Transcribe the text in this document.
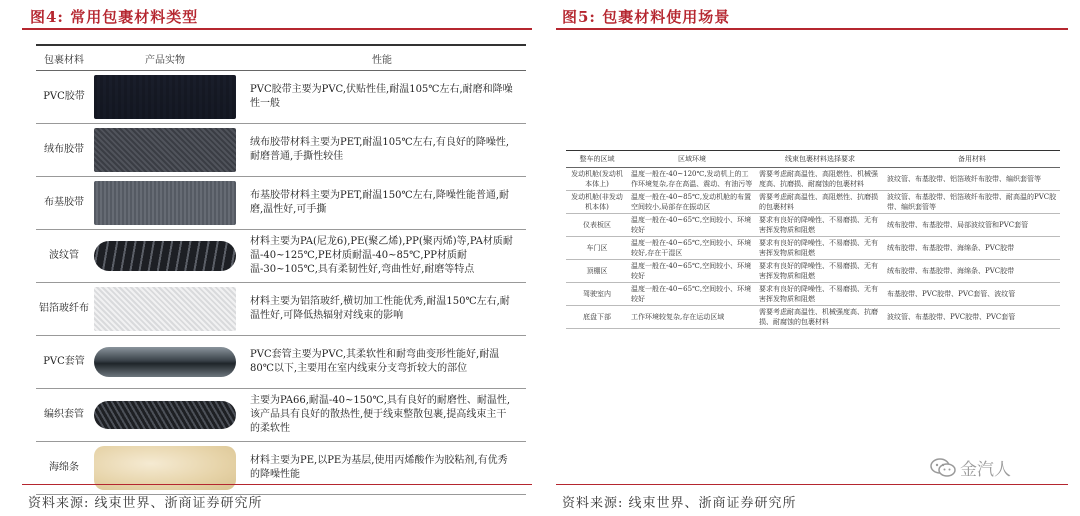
图4: 常用包裹材料类型
包裹材料	产品实物	性能
PVC胶带		PVC胶带主要为PVC,伏贴性佳,耐温105℃左右,耐磨和降噪性一般
绒布胶带		绒布胶带材料主要为PET,耐温105℃左右,有良好的降噪性,耐磨普通,手撕性较佳
布基胶带		布基胶带材料主要为PET,耐温150℃左右,降噪性能普通,耐磨,温性好,可手撕
波纹管		材料主要为PA(尼龙6),PE(聚乙烯),PP(聚丙烯)等,PA材质耐温-40~125℃,PE材质耐温-40~85℃,PP材质耐温-30~105℃,具有柔韧性好,弯曲性好,耐磨等特点
铝箔玻纤布		材料主要为铝箔玻纤,横切加工性能优秀,耐温150℃左右,耐温性好,可降低热辐射对线束的影响
PVC套管		PVC套管主要为PVC,其柔软性和耐弯曲变形性能好,耐温80℃以下,主要用在室内线束分支弯折较大的部位
编织套管		主要为PA66,耐温-40~150℃,具有良好的耐磨性、耐温性,该产品具有良好的散热性,便于线束整散包裹,提高线束主干的柔软性
海绵条		材料主要为PE,以PE为基层,使用丙烯酸作为胶粘剂,有优秀的降噪性能
资料来源: 线束世界、浙商证券研究所
图5: 包裹材料使用场景
整车的区域	区域环境	线束包裹材料选择要求	备用材料
发动机舱(发动机本体上)	温度一般在-40~120℃,发动机上的工作环境复杂,存在高温、震动、有油污等	需要考虑耐高温性、高阻燃性、机械强度高、抗磨损、耐腐蚀的包裹材料	波纹管、布基胶带、铝箔玻纤布胶带、编织套管等
发动机舱(非发动机本体)	温度一般在-40~85℃,发动机舱的布置空间较小,局部存在振动区	需要考虑耐高温性、高阻燃性、抗磨损的包裹材料	波纹管、布基胶带、铝箔玻纤布胶带、耐高温的PVC胶带、编织套管等
仪表板区	温度一般在-40~65℃,空间较小、环境较好	要求有良好的降噪性、不易磨损、无有害挥发物质和阻燃	绒布胶带、布基胶带、局部波纹管和PVC套管
车门区	温度一般在-40~65℃,空间较小、环境较好,存在干湿区	要求有良好的降噪性、不易磨损、无有害挥发物质和阻燃	绒布胶带、布基胶带、海绵条、PVC胶带
顶棚区	温度一般在-40~65℃,空间较小、环境较好	要求有良好的降噪性、不易磨损、无有害挥发物质和阻燃	绒布胶带、布基胶带、海绵条、PVC胶带
驾驶室内	温度一般在-40~65℃,空间较小、环境较好	要求有良好的降噪性、不易磨损、无有害挥发物质和阻燃	布基胶带、PVC胶带、PVC套管、波纹管
底盘下部	工作环境较复杂,存在运动区域	需要考虑耐高温性、机械强度高、抗磨损、耐腐蚀的包裹材料	波纹管、布基胶带、PVC胶带、PVC套管
金汽人
资料来源: 线束世界、浙商证券研究所
